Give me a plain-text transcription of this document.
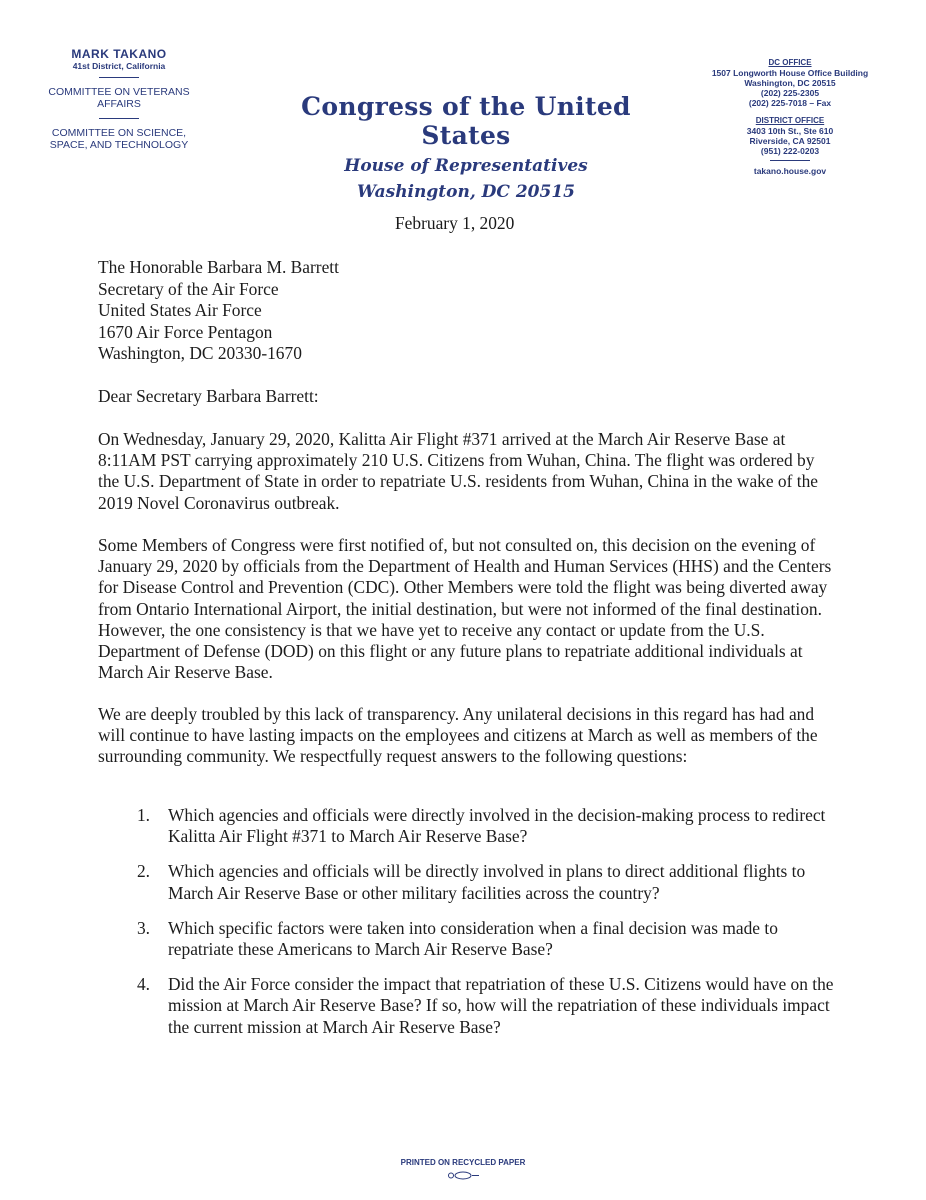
MARK TAKANO
41st District, California
COMMITTEE ON VETERANS AFFAIRS
COMMITTEE ON SCIENCE, SPACE, AND TECHNOLOGY
Congress of the United States
House of Representatives
Washington, DC 20515
DC OFFICE
1507 Longworth House Office Building
Washington, DC 20515
(202) 225-2305
(202) 225-7018 – Fax
DISTRICT OFFICE
3403 10th St., Ste 610
Riverside, CA 92501
(951) 222-0203
takano.house.gov
February 1, 2020
The Honorable Barbara M. Barrett
Secretary of the Air Force
United States Air Force
1670 Air Force Pentagon
Washington, DC 20330-1670
Dear Secretary Barbara Barrett:
On Wednesday, January 29, 2020, Kalitta Air Flight #371 arrived at the March Air Reserve Base at 8:11AM PST carrying approximately 210 U.S. Citizens from Wuhan, China. The flight was ordered by the U.S. Department of State in order to repatriate U.S. residents from Wuhan, China in the wake of the 2019 Novel Coronavirus outbreak.
Some Members of Congress were first notified of, but not consulted on, this decision on the evening of January 29, 2020 by officials from the Department of Health and Human Services (HHS) and the Centers for Disease Control and Prevention (CDC). Other Members were told the flight was being diverted away from Ontario International Airport, the initial destination, but were not informed of the final destination. However, the one consistency is that we have yet to receive any contact or update from the U.S. Department of Defense (DOD) on this flight or any future plans to repatriate additional individuals at March Air Reserve Base.
We are deeply troubled by this lack of transparency. Any unilateral decisions in this regard has had and will continue to have lasting impacts on the employees and citizens at March as well as members of the surrounding community. We respectfully request answers to the following questions:
1.	Which agencies and officials were directly involved in the decision-making process to redirect Kalitta Air Flight #371 to March Air Reserve Base?
2.	Which agencies and officials will be directly involved in plans to direct additional flights to March Air Reserve Base or other military facilities across the country?
3.	Which specific factors were taken into consideration when a final decision was made to repatriate these Americans to March Air Reserve Base?
4.	Did the Air Force consider the impact that repatriation of these U.S. Citizens would have on the mission at March Air Reserve Base? If so, how will the repatriation of these individuals impact the current mission at March Air Reserve Base?
PRINTED ON RECYCLED PAPER
